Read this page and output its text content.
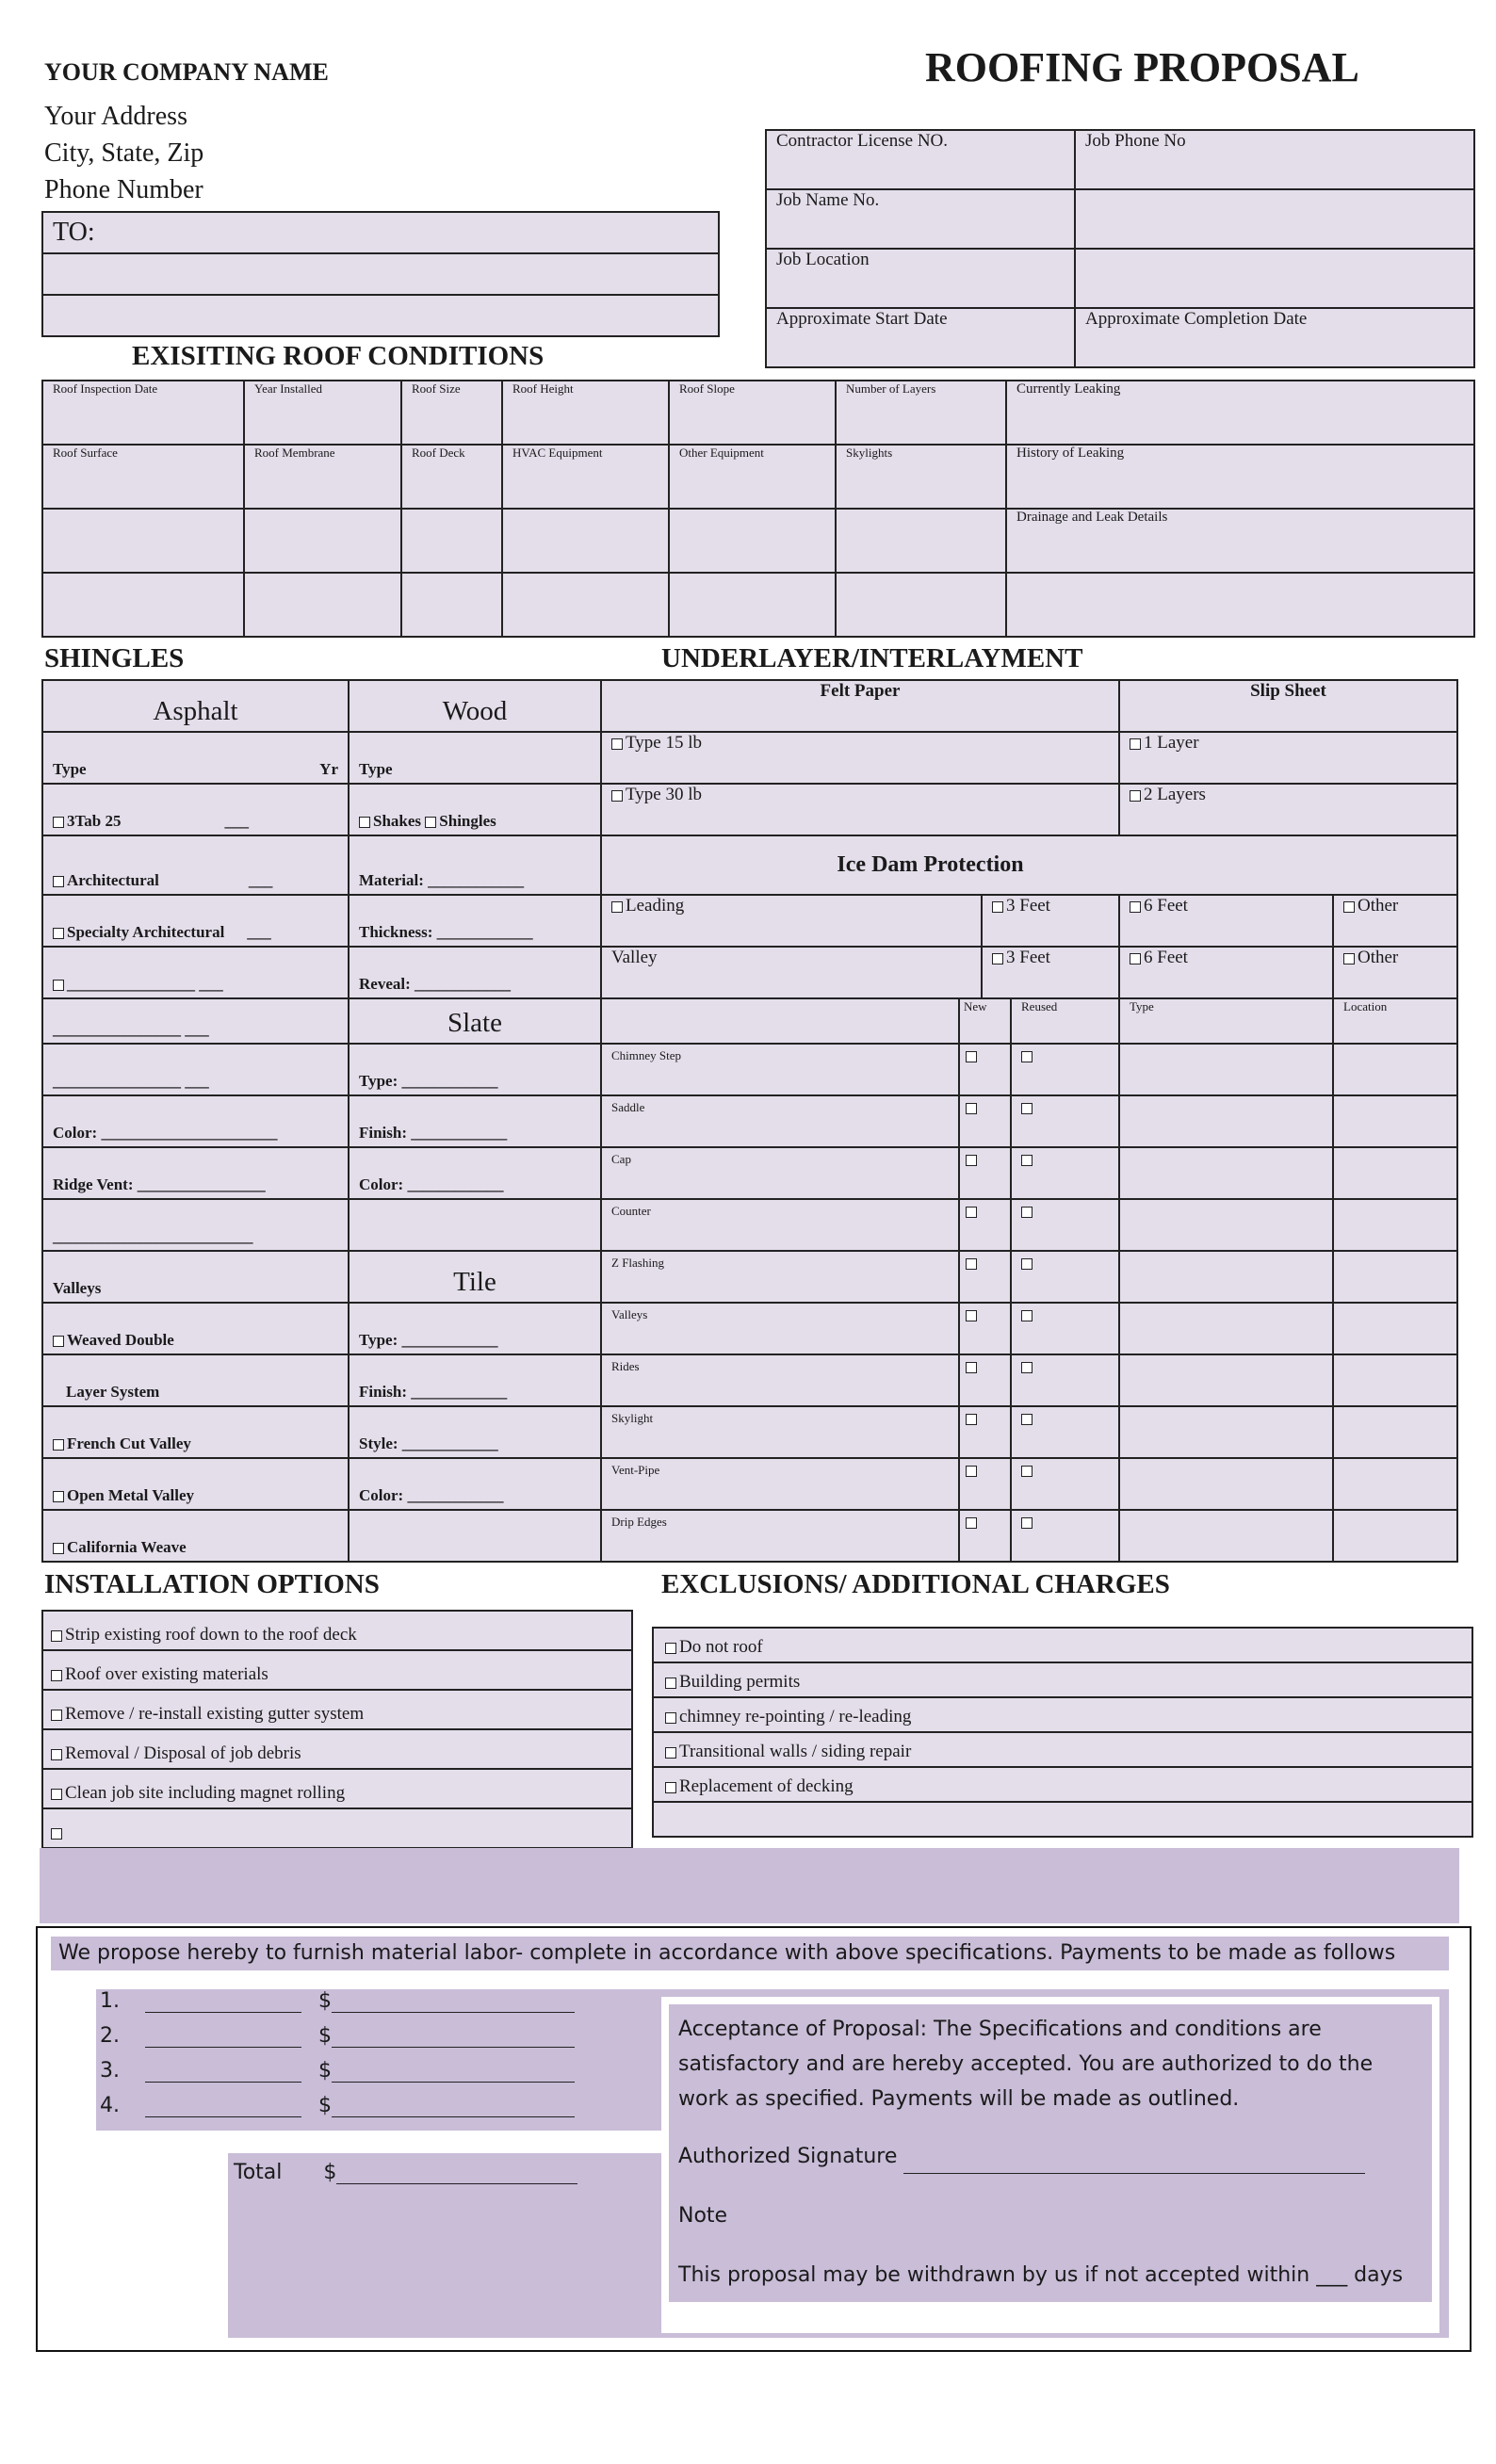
YOUR COMPANY NAME
Your Address
City, State, Zip
Phone Number
ROOFING PROPOSAL
TO:

Contractor License NO.	Job Phone No
Job Name No.	
Job Location	
Approximate Start Date	Approximate Completion Date
EXISITING ROOF CONDITIONS
Roof Inspection Date	Year Installed	Roof Size	Roof Height	Roof Slope	Number of Layers	Currently Leaking
Roof Surface	Roof Membrane	Roof Deck	HVAC Equipment	Other Equipment	Skylights	History of Leaking
						Drainage and Leak Details

SHINGLES	UNDERLAYER/INTERLAYMENT
Asphalt	Wood
Type Yr	Type
3Tab 25 ___	Shakes Shingles
Architectural ___	Material: ____________
Specialty Architectural ___	Thickness: ____________
________________ ___	Reveal: ____________
________________ ___	Slate
________________ ___	Type: ____________
Color: ______________________	Finish: ____________
Ridge Vent: ________________	Color: ____________
_________________________	
Valleys	Tile
Weaved Double	Type: ____________
Layer System	Finish: ____________
French Cut Valley	Style: ____________
Open Metal Valley	Color: ____________
California Weave	
Felt Paper	Slip Sheet
Type 15 lb	1 Layer
Type 30 lb	2 Layers
Ice Dam Protection	
Leading	3 Feet	6 Feet	Other
Valley	3 Feet	6 Feet	Other
	New	Reused	Type	Location
Chimney Step				
Saddle				
Cap				
Counter				
Z Flashing				
Valleys				
Rides				
Skylight				
Vent-Pipe				
Drip Edges				
INSTALLATION OPTIONS
Strip existing roof down to the roof deck
Roof over existing materials
Remove / re-install existing gutter system
Removal / Disposal of job debris
Clean job site including magnet rolling

EXCLUSIONS/ ADDITIONAL CHARGES
Do not roof
Building permits
chimney re-pointing / re-leading
Transitional walls / siding repair
Replacement of decking

We propose hereby to furnish material labor- complete in accordance with above specifications. Payments to be made as follows
1.	$
2.	$
3.	$
4.	$
Total $
Acceptance of Proposal: The Specifications and conditions are satisfactory and are hereby accepted. You are authorized to do the work as specified. Payments will be made as outlined.
Authorized Signature
Note
This proposal may be withdrawn by us if not accepted within ___ days
